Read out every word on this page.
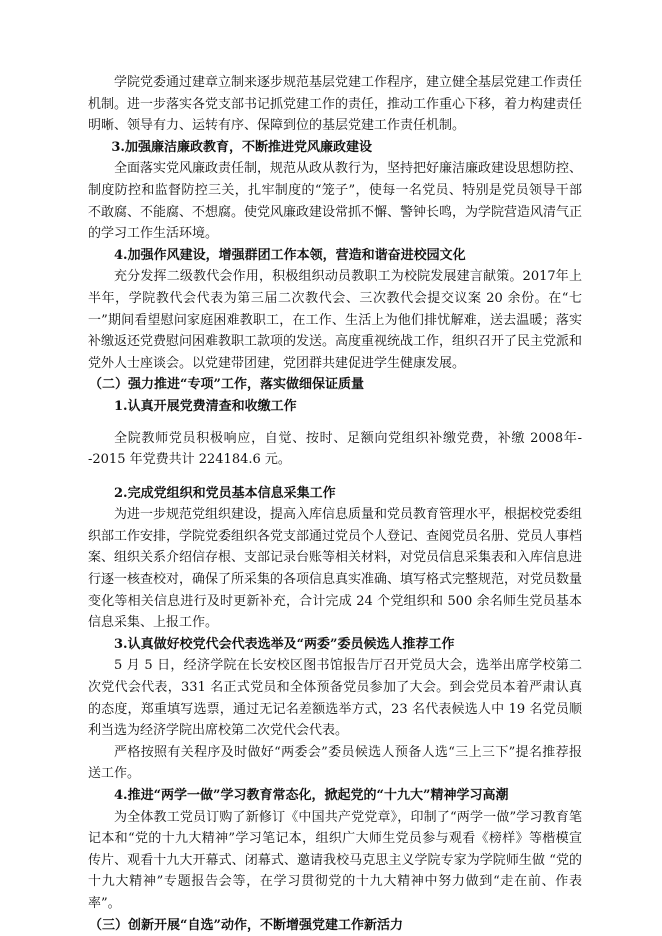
学院党委通过建章立制来逐步规范基层党建工作程序，建立健全基层党建工作责任机制。进一步落实各党支部书记抓党建工作的责任，推动工作重心下移，着力构建责任明晰、领导有力、运转有序、保障到位的基层党建工作责任机制。

3.加强廉洁廉政教育，不断推进党风廉政建设

全面落实党风廉政责任制，规范从政从教行为，坚持把好廉洁廉政建设思想防控、制度防控和监督防控三关，扎牢制度的“笼子”，使每一名党员、特别是党员领导干部不敢腐、不能腐、不想腐。使党风廉政建设常抓不懈、警钟长鸣，为学院营造风清气正的学习工作生活环境。

4.加强作风建设，增强群团工作本领，营造和谐奋进校园文化

充分发挥二级教代会作用，积极组织动员教职工为校院发展建言献策。2017年上半年，学院教代会代表为第三届二次教代会、三次教代会提交议案 20 余份。在“七一”期间看望慰问家庭困难教职工，在工作、生活上为他们排忧解难，送去温暖；落实补缴返还党费慰问困难教职工款项的发送。高度重视统战工作，组织召开了民主党派和党外人士座谈会。以党建带团建，党团群共建促进学生健康发展。

（二）强力推进“专项”工作，落实做细保证质量

1.认真开展党费清查和收缴工作

全院教师党员积极响应，自觉、按时、足额向党组织补缴党费，补缴 2008年--2015 年党费共计 224184.6 元。

2.完成党组织和党员基本信息采集工作

为进一步规范党组织建设，提高入库信息质量和党员教育管理水平，根据校党委组织部工作安排，学院党委组织各党支部通过党员个人登记、查阅党员名册、党员人事档案、组织关系介绍信存根、支部记录台账等相关材料，对党员信息采集表和入库信息进行逐一核查校对，确保了所采集的各项信息真实准确、填写格式完整规范，对党员数量变化等相关信息进行及时更新补充，合计完成 24 个党组织和 500 余名师生党员基本信息采集、上报工作。

3.认真做好校党代会代表选举及“两委”委员候选人推荐工作

5 月 5 日，经济学院在长安校区图书馆报告厅召开党员大会，选举出席学校第二次党代会代表，331 名正式党员和全体预备党员参加了大会。到会党员本着严肃认真的态度，郑重填写选票，通过无记名差额选举方式，23 名代表候选人中 19 名党员顺利当选为经济学院出席校第二次党代会代表。

严格按照有关程序及时做好“两委会”委员候选人预备人选“三上三下”提名推荐报送工作。

4.推进“两学一做”学习教育常态化，掀起党的“十九大”精神学习高潮

为全体教工党员订购了新修订《中国共产党党章》，印制了“两学一做”学习教育笔记本和“党的十九大精神”学习笔记本，组织广大师生党员参与观看《榜样》等楷模宣传片、观看十九大开幕式、闭幕式、邀请我校马克思主义学院专家为学院师生做 “党的十九大精神”专题报告会等，在学习贯彻党的十九大精神中努力做到“走在前、作表率”。

（三）创新开展“自选”动作，不断增强党建工作新活力
